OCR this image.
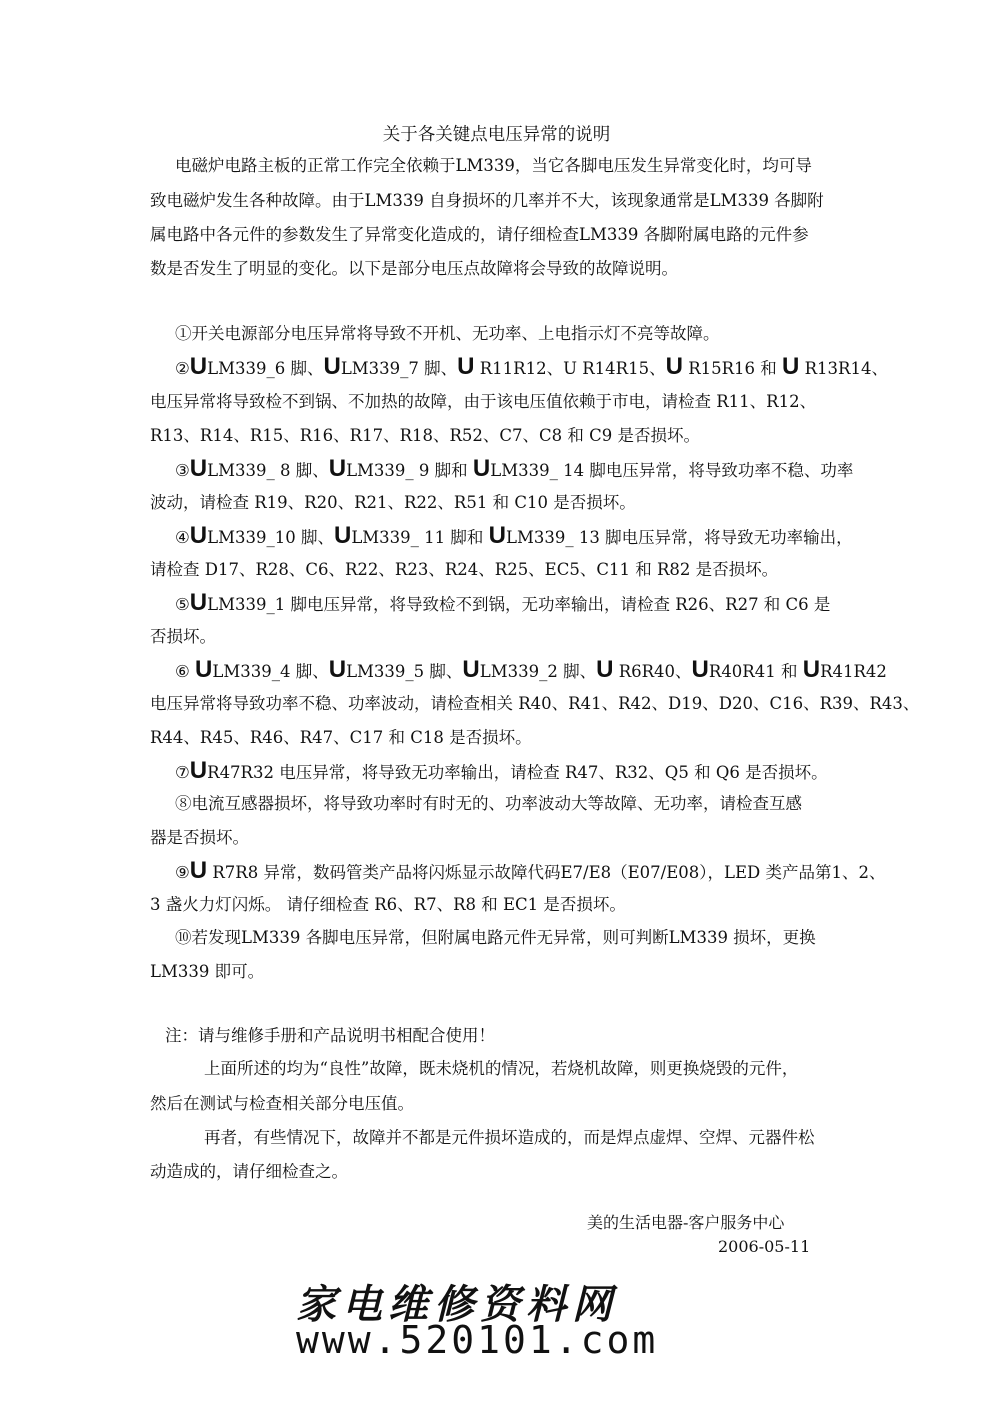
关于各关键点电压异常的说明
电磁炉电路主板的正常工作完全依赖于LM339，当它各脚电压发生异常变化时，均可导
致电磁炉发生各种故障。由于LM339 自身损坏的几率并不大，该现象通常是LM339 各脚附
属电路中各元件的参数发生了异常变化造成的，请仔细检查LM339 各脚附属电路的元件参
数是否发生了明显的变化。以下是部分电压点故障将会导致的故障说明。
①开关电源部分电压异常将导致不开机、无功率、上电指示灯不亮等故障。
②ULM339_6 脚、ULM339_7 脚、U R11R12、U R14R15、U R15R16 和 U R13R14、
电压异常将导致检不到锅、不加热的故障，由于该电压值依赖于市电，请检查 R11、R12、
R13、R14、R15、R16、R17、R18、R52、C7、C8 和 C9 是否损坏。
③ULM339_ 8 脚、ULM339_ 9 脚和 ULM339_ 14 脚电压异常，将导致功率不稳、功率
波动，请检查 R19、R20、R21、R22、R51 和 C10 是否损坏。
④ULM339_10 脚、ULM339_ 11 脚和 ULM339_ 13 脚电压异常，将导致无功率输出，
请检查 D17、R28、C6、R22、R23、R24、R25、EC5、C11 和 R82 是否损坏。
⑤ULM339_1 脚电压异常，将导致检不到锅，无功率输出，请检查 R26、R27 和 C6 是
否损坏。
⑥ ULM339_4 脚、ULM339_5 脚、ULM339_2 脚、U R6R40、UR40R41 和 UR41R42
电压异常将导致功率不稳、功率波动，请检查相关 R40、R41、R42、D19、D20、C16、R39、R43、
R44、R45、R46、R47、C17 和 C18 是否损坏。
⑦UR47R32 电压异常，将导致无功率输出，请检查 R47、R32、Q5 和 Q6 是否损坏。
⑧电流互感器损坏，将导致功率时有时无的、功率波动大等故障、无功率，请检查互感
器是否损坏。
⑨U R7R8 异常，数码管类产品将闪烁显示故障代码E7/E8（E07/E08），LED 类产品第1、2、
3 盏火力灯闪烁。 请仔细检查 R6、R7、R8 和 EC1 是否损坏。
⑩若发现LM339 各脚电压异常，但附属电路元件无异常，则可判断LM339 损坏，更换
LM339 即可。
注：请与维修手册和产品说明书相配合使用！
上面所述的均为“良性”故障，既未烧机的情况，若烧机故障，则更换烧毁的元件，
然后在测试与检查相关部分电压值。
再者，有些情况下，故障并不都是元件损坏造成的，而是焊点虚焊、空焊、元器件松
动造成的，请仔细检查之。
美的生活电器-客户服务中心
2006-05-11
家电维修资料网
www.520101.com
